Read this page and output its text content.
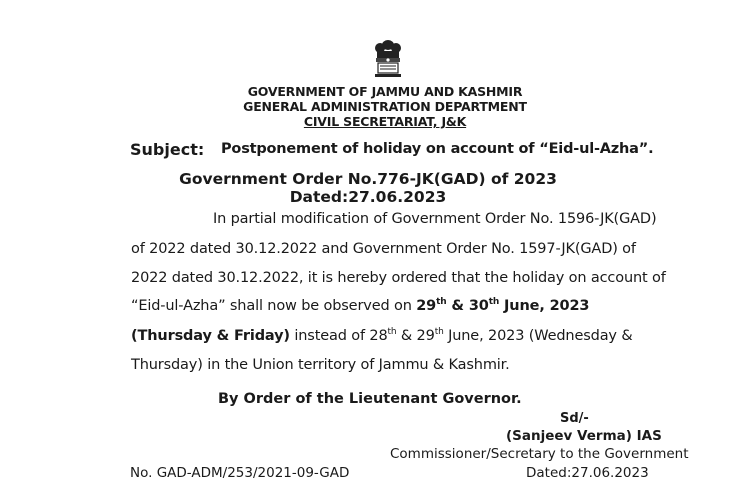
GOVERNMENT OF JAMMU AND KASHMIR
GENERAL ADMINISTRATION DEPARTMENT
CIVIL SECRETARIAT, J&K
Subject: Postponement of holiday on account of “Eid-ul-Azha”.
Government Order No.776-JK(GAD) of 2023
Dated:27.06.2023
In partial modification of Government Order No. 1596-JK(GAD)
of 2022 dated 30.12.2022 and Government Order No. 1597-JK(GAD) of
2022 dated 30.12.2022, it is hereby ordered that the holiday on account of
“Eid-ul-Azha” shall now be observed on 29th & 30th June, 2023
(Thursday & Friday) instead of 28th & 29th June, 2023 (Wednesday &
Thursday) in the Union territory of Jammu & Kashmir.
By Order of the Lieutenant Governor.
Sd/-
(Sanjeev Verma) IAS
Commissioner/Secretary to the Government
No. GAD-ADM/253/2021-09-GAD	Dated:27.06.2023
